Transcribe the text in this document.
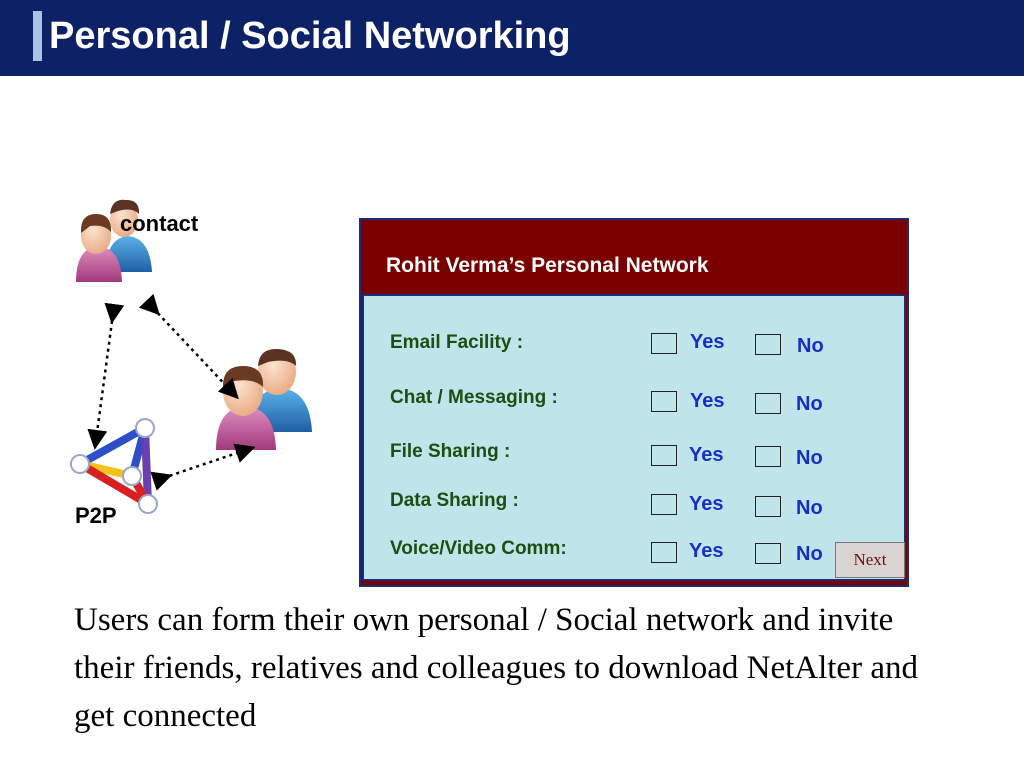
Personal / Social Networking
contact
P2P
Rohit Verma’s Personal Network
Email Facility :	Yes	No
Chat / Messaging :	Yes	No
File Sharing :	Yes	No
Data Sharing :	Yes	No
Voice/Video Comm:	Yes	No	Next
Users can form their own personal / Social network and invite their friends, relatives and colleagues to download NetAlter and get connected
